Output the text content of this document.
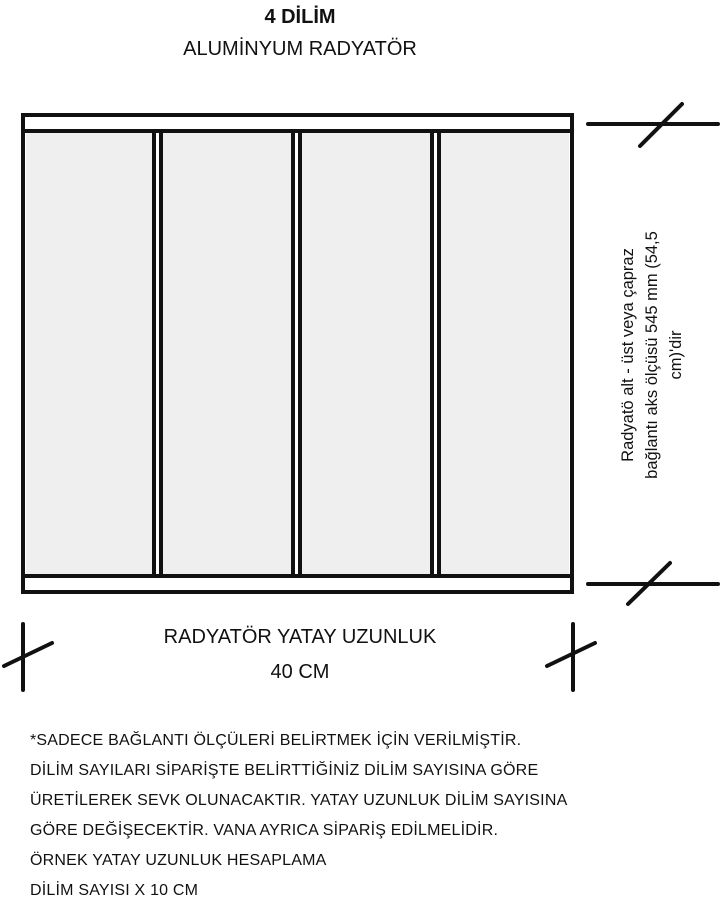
4 DİLİM
ALUMİNYUM RADYATÖR
Radyatö alt - üst veya çapraz bağlantı aks ölçüsü 545 mm (54,5 cm)'dir
RADYATÖR YATAY UZUNLUK
40 CM
*SADECE BAĞLANTI ÖLÇÜLERİ BELİRTMEK İÇİN VERİLMİŞTİR.
DİLİM SAYILARI SİPARİŞTE BELİRTTİĞİNİZ DİLİM SAYISINA GÖRE
ÜRETİLEREK SEVK OLUNACAKTIR. YATAY UZUNLUK DİLİM SAYISINA
GÖRE DEĞİŞECEKTİR. VANA AYRICA SİPARİŞ EDİLMELİDİR.
ÖRNEK YATAY UZUNLUK HESAPLAMA
DİLİM SAYISI X 10 CM
